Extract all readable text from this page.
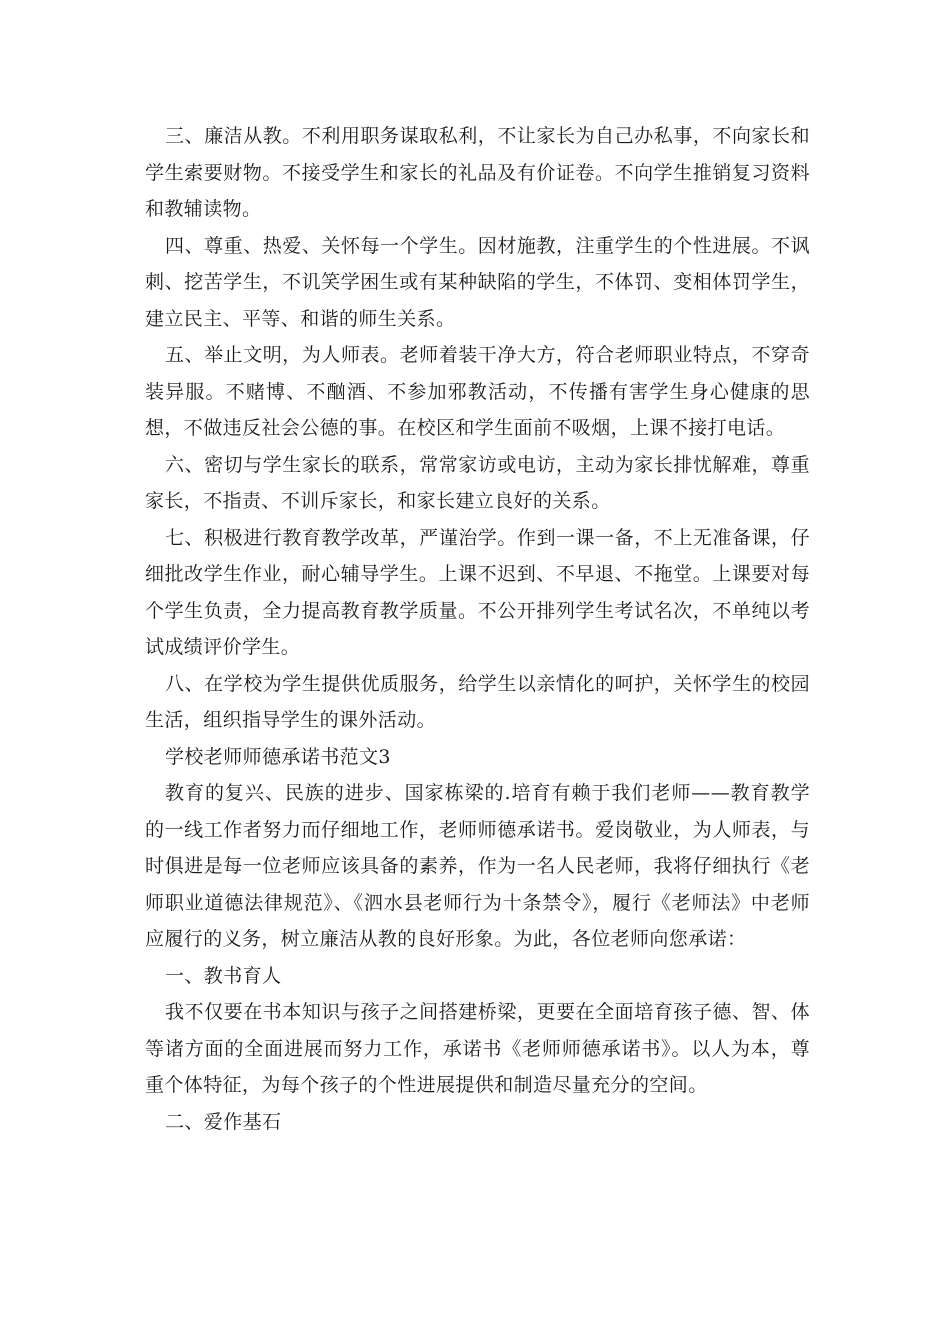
三、廉洁从教。不利用职务谋取私利，不让家长为自己办私事，不向家长和学生索要财物。不接受学生和家长的礼品及有价证卷。不向学生推销复习资料和教辅读物。

四、尊重、热爱、关怀每一个学生。因材施教，注重学生的个性进展。不讽刺、挖苦学生，不讥笑学困生或有某种缺陷的学生，不体罚、变相体罚学生，建立民主、平等、和谐的师生关系。

五、举止文明，为人师表。老师着装干净大方，符合老师职业特点，不穿奇装异服。不赌博、不酗酒、不参加邪教活动，不传播有害学生身心健康的思想，不做违反社会公德的事。在校区和学生面前不吸烟，上课不接打电话。

六、密切与学生家长的联系，常常家访或电访，主动为家长排忧解难，尊重家长，不指责、不训斥家长，和家长建立良好的关系。

七、积极进行教育教学改革，严谨治学。作到一课一备，不上无准备课，仔细批改学生作业，耐心辅导学生。上课不迟到、不早退、不拖堂。上课要对每个学生负责，全力提高教育教学质量。不公开排列学生考试名次，不单纯以考试成绩评价学生。

八、在学校为学生提供优质服务，给学生以亲情化的呵护，关怀学生的校园生活，组织指导学生的课外活动。

学校老师师德承诺书范文3

教育的复兴、民族的进步、国家栋梁的.培育有赖于我们老师——教育教学的一线工作者努力而仔细地工作，老师师德承诺书。爱岗敬业，为人师表，与时俱进是每一位老师应该具备的素养，作为一名人民老师，我将仔细执行《老师职业道德法律规范》、《泗水县老师行为十条禁令》，履行《老师法》中老师应履行的义务，树立廉洁从教的良好形象。为此，各位老师向您承诺：

一、教书育人

我不仅要在书本知识与孩子之间搭建桥梁，更要在全面培育孩子德、智、体等诸方面的全面进展而努力工作，承诺书《老师师德承诺书》。以人为本，尊重个体特征，为每个孩子的个性进展提供和制造尽量充分的空间。

二、爱作基石
